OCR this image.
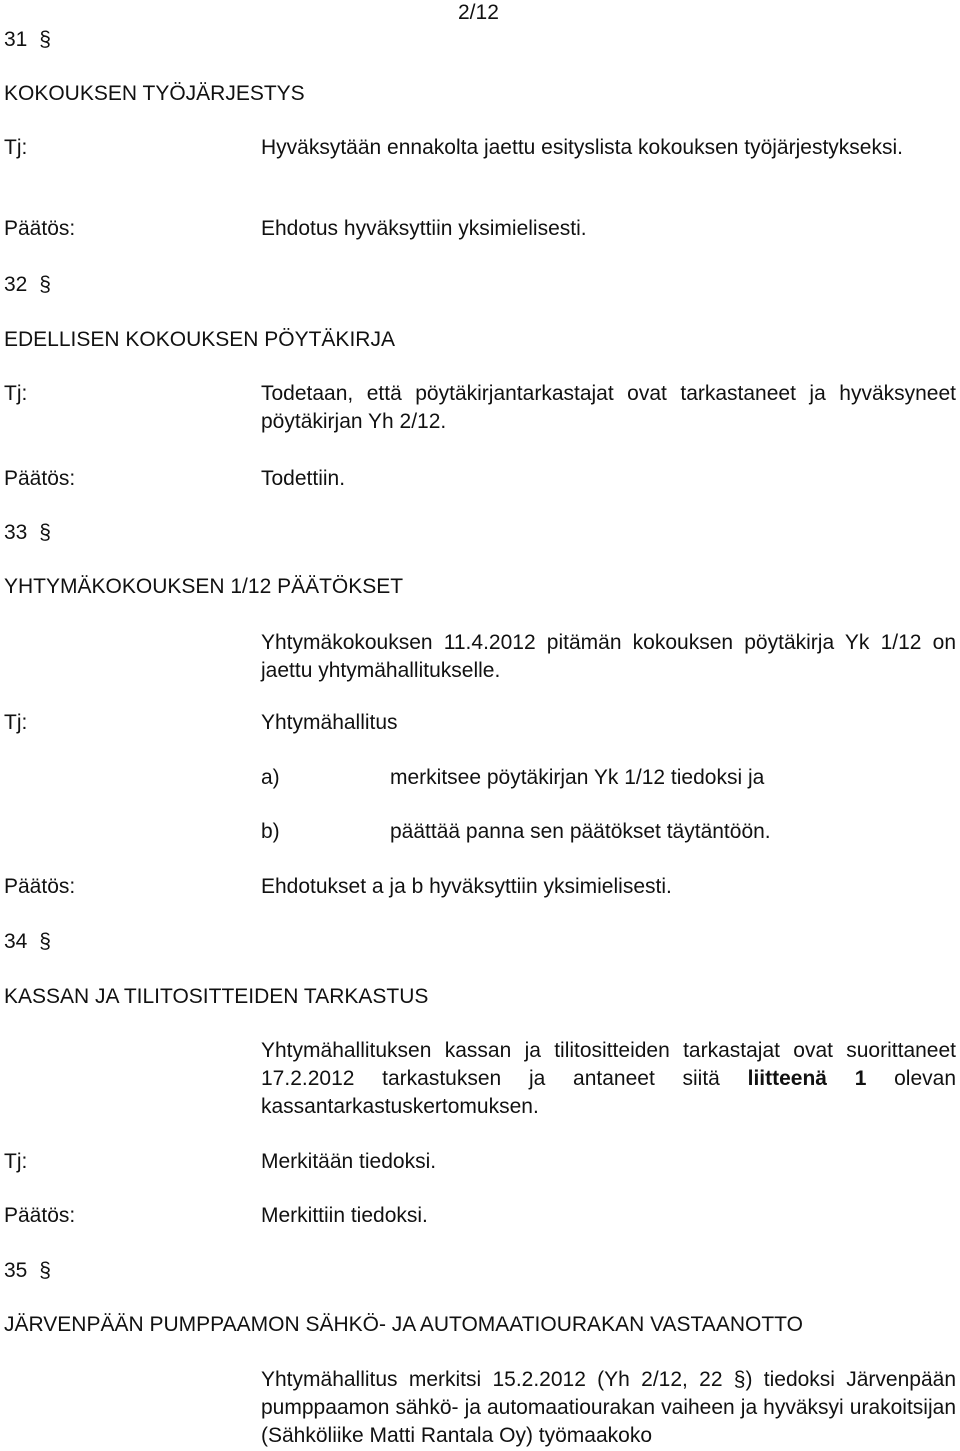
2/12
31 §
KOKOUKSEN TYÖJÄRJESTYS
Tj:	Hyväksytään ennakolta jaettu esityslista kokouksen työjärjestykseksi.
Päätös:	Ehdotus hyväksyttiin yksimielisesti.
32 §
EDELLISEN KOKOUKSEN PÖYTÄKIRJA
Tj:	Todetaan, että pöytäkirjantarkastajat ovat tarkastaneet ja hyväksyneet pöytäkirjan Yh 2/12.
Päätös:	Todettiin.
33 §
YHTYMÄKOKOUKSEN 1/12 PÄÄTÖKSET
Yhtymäkokouksen 11.4.2012 pitämän kokouksen pöytäkirja Yk 1/12 on jaettu yhtymähallitukselle.
Tj:	Yhtymähallitus
a)	merkitsee pöytäkirjan Yk 1/12 tiedoksi ja
b)	päättää panna sen päätökset täytäntöön.
Päätös:	Ehdotukset a ja b hyväksyttiin yksimielisesti.
34 §
KASSAN JA TILITOSITTEIDEN TARKASTUS
Yhtymähallituksen kassan ja tilitositteiden tarkastajat ovat suorittaneet 17.2.2012 tarkastuksen ja antaneet siitä liitteenä 1 olevan kassantarkastuskertomuksen.
Tj:	Merkitään tiedoksi.
Päätös:	Merkittiin tiedoksi.
35 §
JÄRVENPÄÄN PUMPPAAMON SÄHKÖ- JA AUTOMAATIOURAKAN VASTAANOTTO
Yhtymähallitus merkitsi 15.2.2012 (Yh 2/12, 22 §) tiedoksi Järvenpään pumppaamon sähkö- ja automaatiourakan vaiheen ja hyväksyi urakoitsijan (Sähköliike Matti Rantala Oy) työmaakoko
